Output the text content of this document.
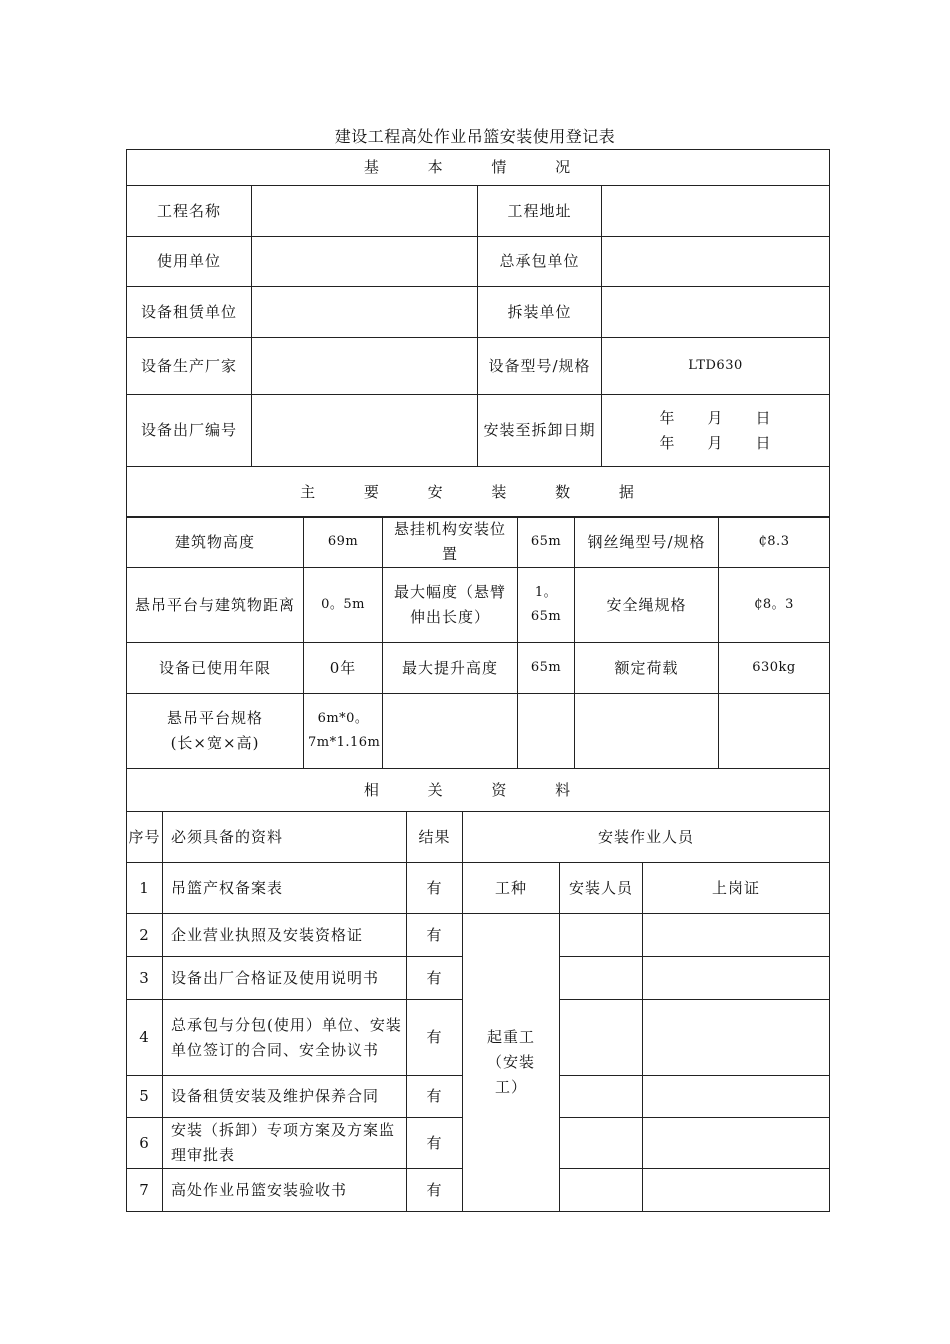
建设工程高处作业吊篮安装使用登记表
基 本 情 况			
工程名称		工程地址	
使用单位		总承包单位	
设备租赁单位		拆装单位	
设备生产厂家		设备型号/规格	LTD630
设备出厂编号		安装至拆卸日期	年　　月　　日
年　　月　　日

主 要 安 装 数 据			
建筑物高度	69m	悬挂机构安装位置	65m	钢丝绳型号/规格	₵8.3
悬吊平台与建筑物距离	0。5m	最大幅度（悬臂伸出长度）	1。65m	安全绳规格	₵8。3
设备已使用年限	0年	最大提升高度	65m	额定荷载	630kg

悬吊平台规格
(长×宽×高)	6m*0。7m*1.16m				
相 关 资 料					
序号	必须具备的资料	结果	安装作业人员		
1	吊篮产权备案表	有	工种	安装人员	上岗证
2	企业营业执照及安装资格证	有	起重工（安装工）		
3	设备出厂合格证及使用说明书	有			
4	总承包与分包(使用）单位、安装单位签订的合同、安全协议书	有			
5	设备租赁安装及维护保养合同	有			
6	安装（拆卸）专项方案及方案监理审批表	有			
7	高处作业吊篮安装验收书	有			
